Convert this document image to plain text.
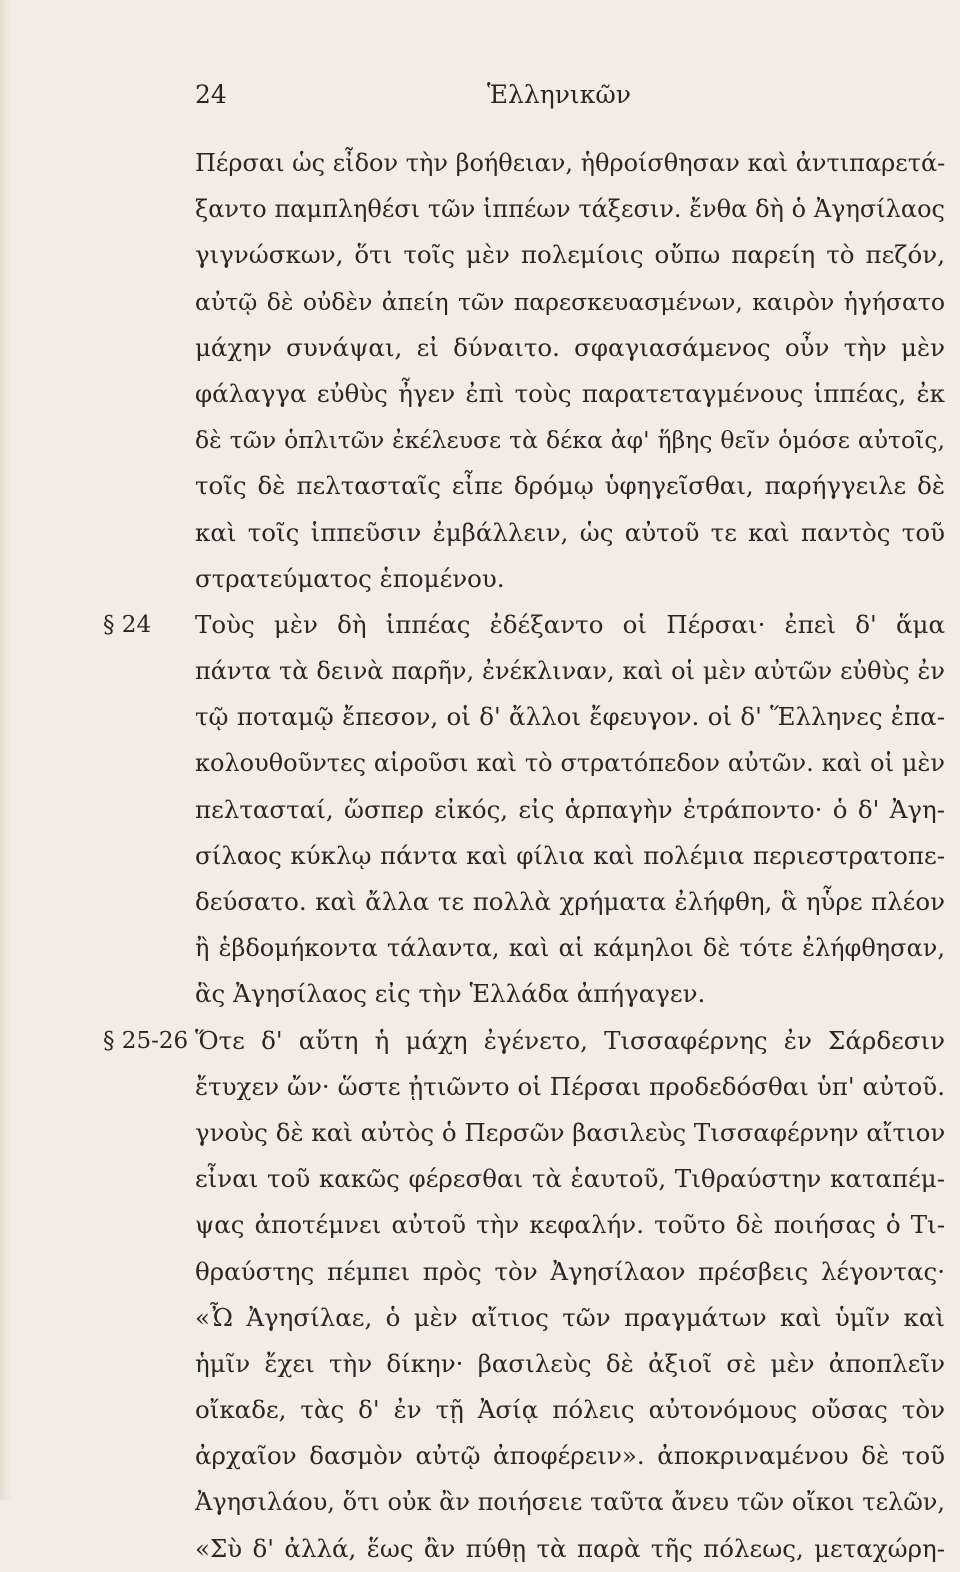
24	Ἑλληνικῶν
Πέρσαι ὡς εἶδον τὴν βοήθειαν, ἡθροίσθησαν καὶ ἀντιπαρετά-
ξαντο παμπληθέσι τῶν ἱππέων τάξεσιν. ἔνθα δὴ ὁ Ἀγησίλαος
γιγνώσκων, ὅτι τοῖς μὲν πολεμίοις οὔπω παρείη τὸ πεζόν,
αὐτῷ δὲ οὐδὲν ἀπείη τῶν παρεσκευασμένων, καιρὸν ἡγήσατο
μάχην συνάψαι, εἰ δύναιτο. σφαγιασάμενος οὖν τὴν μὲν
φάλαγγα εὐθὺς ἦγεν ἐπὶ τοὺς παρατεταγμένους ἱππέας, ἐκ
δὲ τῶν ὁπλιτῶν ἐκέλευσε τὰ δέκα ἀφ' ἥβης θεῖν ὁμόσε αὐτοῖς,
τοῖς δὲ πελτασταῖς εἶπε δρόμῳ ὑφηγεῖσθαι, παρήγγειλε δὲ
καὶ τοῖς ἱππεῦσιν ἐμβάλλειν, ὡς αὐτοῦ τε καὶ παντὸς τοῦ
στρατεύματος ἑπομένου.
§ 24 Τοὺς μὲν δὴ ἱππέας ἐδέξαντο οἱ Πέρσαι· ἐπεὶ δ' ἅμα
πάντα τὰ δεινὰ παρῆν, ἐνέκλιναν, καὶ οἱ μὲν αὐτῶν εὐθὺς ἐν
τῷ ποταμῷ ἔπεσον, οἱ δ' ἄλλοι ἔφευγον. οἱ δ' Ἕλληνες ἐπα-
κολουθοῦντες αἱροῦσι καὶ τὸ στρατόπεδον αὐτῶν. καὶ οἱ μὲν
πελτασταί, ὥσπερ εἰκός, εἰς ἁρπαγὴν ἐτράποντο· ὁ δ' Ἀγη-
σίλαος κύκλῳ πάντα καὶ φίλια καὶ πολέμια περιεστρατοπε-
δεύσατο. καὶ ἄλλα τε πολλὰ χρήματα ἐλήφθη, ἃ ηὗρε πλέον
ἢ ἑβδομήκοντα τάλαντα, καὶ αἱ κάμηλοι δὲ τότε ἐλήφθησαν,
ἃς Ἀγησίλαος εἰς τὴν Ἑλλάδα ἀπήγαγεν.
§ 25-26 Ὅτε δ' αὕτη ἡ μάχη ἐγένετο, Τισσαφέρνης ἐν Σάρδεσιν
ἔτυχεν ὤν· ὥστε ᾐτιῶντο οἱ Πέρσαι προδεδόσθαι ὑπ' αὐτοῦ.
γνοὺς δὲ καὶ αὐτὸς ὁ Περσῶν βασιλεὺς Τισσαφέρνην αἴτιον
εἶναι τοῦ κακῶς φέρεσθαι τὰ ἑαυτοῦ, Τιθραύστην καταπέμ-
ψας ἀποτέμνει αὐτοῦ τὴν κεφαλήν. τοῦτο δὲ ποιήσας ὁ Τι-
θραύστης πέμπει πρὸς τὸν Ἀγησίλαον πρέσβεις λέγοντας·
«Ὦ Ἀγησίλαε, ὁ μὲν αἴτιος τῶν πραγμάτων καὶ ὑμῖν καὶ
ἡμῖν ἔχει τὴν δίκην· βασιλεὺς δὲ ἀξιοῖ σὲ μὲν ἀποπλεῖν
οἴκαδε, τὰς δ' ἐν τῇ Ἀσίᾳ πόλεις αὐτονόμους οὔσας τὸν
ἀρχαῖον δασμὸν αὐτῷ ἀποφέρειν». ἀποκριναμένου δὲ τοῦ
Ἀγησιλάου, ὅτι οὐκ ἂν ποιήσειε ταῦτα ἄνευ τῶν οἴκοι τελῶν,
«Σὺ δ' ἀλλά, ἕως ἂν πύθῃ τὰ παρὰ τῆς πόλεως, μεταχώρη-
